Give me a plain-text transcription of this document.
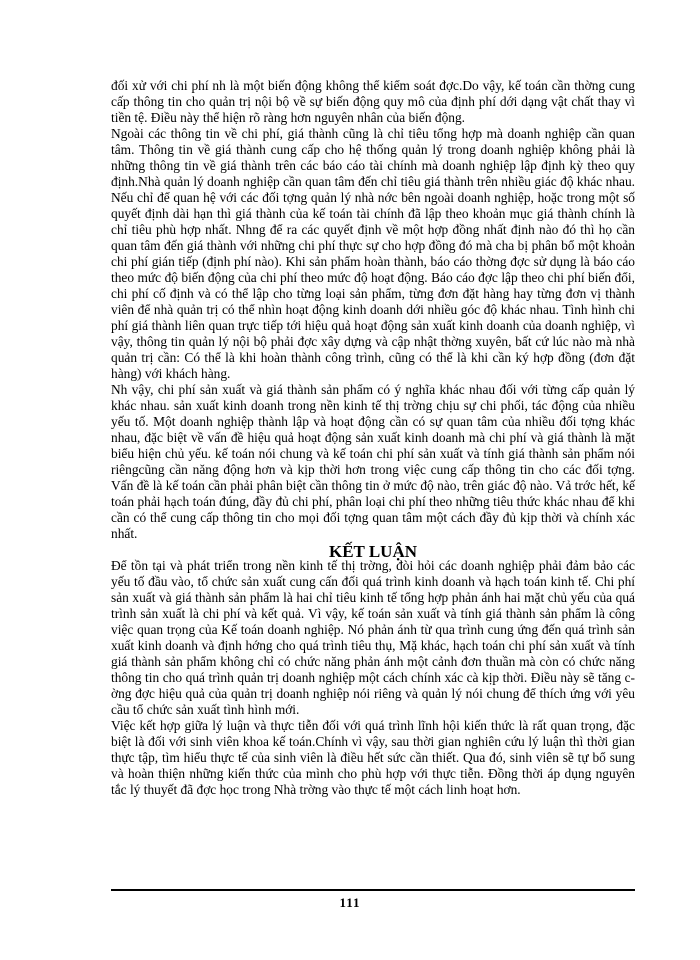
đối xử với chi phí nh là một biến động không thể kiểm soát đợc.Do vậy, kế toán cần thờng cung cấp thông tin cho quản trị nội bộ về sự biến động quy mô của định phí dới dạng vật chất thay vì tiền tệ. Điều này thể hiện rõ ràng hơn nguyên nhân của biến động.

Ngoài các thông tin về chi phí, giá thành cũng là chỉ tiêu tổng hợp mà doanh nghiệp cần quan tâm. Thông tin về giá thành cung cấp cho hệ thống quản lý trong doanh nghiệp không phải là những thông tin về giá thành trên các báo cáo tài chính mà doanh nghiệp lập định kỳ theo quy định.Nhà quản lý doanh nghiệp cần quan tâm đến chỉ tiêu giá thành trên nhiều giác độ khác nhau. Nếu chỉ để quan hệ với các đối tợng quản lý nhà nớc bên ngoài doanh nghiệp, hoặc trong một số quyết định dài hạn thì giá thành của kế toán tài chính đã lập theo khoản mục giá thành chính là chỉ tiêu phù hợp nhất. Nhng để ra các quyết định về một hợp đồng nhất định nào đó thì họ cần quan tâm đến giá thành với những chi phí thực sự cho hợp đồng đó mà cha bị phân bổ một khoản chi phí gián tiếp (định phí nào). Khi sản phẩm hoàn thành, báo cáo thờng đợc sử dụng là báo cáo theo mức độ biến động của chi phí theo mức độ hoạt động. Báo cáo đợc lập theo chi phí biến đổi, chi phí cố định và có thể lập cho từng loại sản phẩm, từng đơn đặt hàng hay từng đơn vị thành viên để nhà quản trị có thể nhìn hoạt động kinh doanh dới nhiều góc độ khác nhau. Tình hình chi phí giá thành liên quan trực tiếp tới hiệu quả hoạt động sản xuất kinh doanh của doanh nghiệp, vì vậy, thông tin quản lý nội bộ phải đợc xây dựng và cập nhật thờng xuyên, bất cứ lúc nào mà nhà quản trị cần: Có thể là khi hoàn thành công trình, cũng có thể là khi cần ký hợp đồng (đơn đặt hàng) với khách hàng.

Nh vậy, chi phí sản xuất và giá thành sản phẩm có ý nghĩa khác nhau đối với từng cấp quản lý khác nhau. sản xuất kinh doanh trong nền kinh tế thị trờng chịu sự chi phối, tác động của nhiều yếu tố. Một doanh nghiệp thành lập và hoạt động cần có sự quan tâm của nhiều đối tợng khác nhau, đặc biệt về vấn đề hiệu quả hoạt động sản xuất kinh doanh mà chi phí và giá thành là mặt biểu hiện chủ yếu. kế toán nói chung và kế toán chi phí sản xuất và tính giá thành sản phẩm nói riêngcũng cần năng động hơn và kịp thời hơn trong việc cung cấp thông tin cho các đối tợng. Vấn đề là kế toán cần phải phân biệt cần thông tin ở mức độ nào, trên giác độ nào. Vả trớc hết, kế toán phải hạch toán đúng, đầy đủ chi phí, phân loại chi phí theo những tiêu thức khác nhau để khi cần có thể cung cấp thông tin cho mọi đối tợng quan tâm một cách đầy đủ kịp thời và chính xác nhất.

KẾT LUẬN

Để tồn tại và phát triển trong nền kinh tế thị trờng, đòi hỏi các doanh nghiệp phải đảm bảo các yếu tố đầu vào, tổ chức sản xuất cung cấn đối quá trình kinh doanh và hạch toán kinh tế. Chi phí sản xuất và giá thành sản phẩm là hai chỉ tiêu kinh tế tổng hợp phản ánh hai mặt chủ yếu của quá trình sản xuất là chi phí và kết quả. Vì vậy, kế toán sản xuất và tính giá thành sản phẩm là công việc quan trọng của Kế toán doanh nghiệp. Nó phản ánh từ qua trình cung ứng đến quá trình sản xuất kinh doanh và định hớng cho quá trình tiêu thụ, Mặ khác, hạch toán chi phí sản xuất và tính giá thành sản phẩm không chỉ có chức năng phản ánh một cảnh đơn thuần mà còn có chức năng thông tin cho quá trình quản trị doanh nghiệp một cách chính xác cà kịp thời. Điều này sẽ tăng cờng đợc hiệu quả của quản trị doanh nghiệp nói riêng và quản lý nói chung để thích ứng với yêu cầu tổ chức sản xuất tình hình mới.

Việc kết hợp giữa lý luận và thực tiễn đối với quá trình lĩnh hội kiến thức là rất quan trọng, đặc biệt là đối với sinh viên khoa kế toán.Chính vì vậy, sau thời gian nghiên cứu lý luận thì thời gian thực tập, tìm hiểu thực tế của sinh viên là điều hết sức cần thiết. Qua đó, sinh viên sẽ tự bổ sung và hoàn thiện những kiến thức của mình cho phù hợp với thực tiễn. Đồng thời áp dụng nguyên tắc lý thuyết đã đợc học trong Nhà trờng vào thực tế một cách linh hoạt hơn.

111
